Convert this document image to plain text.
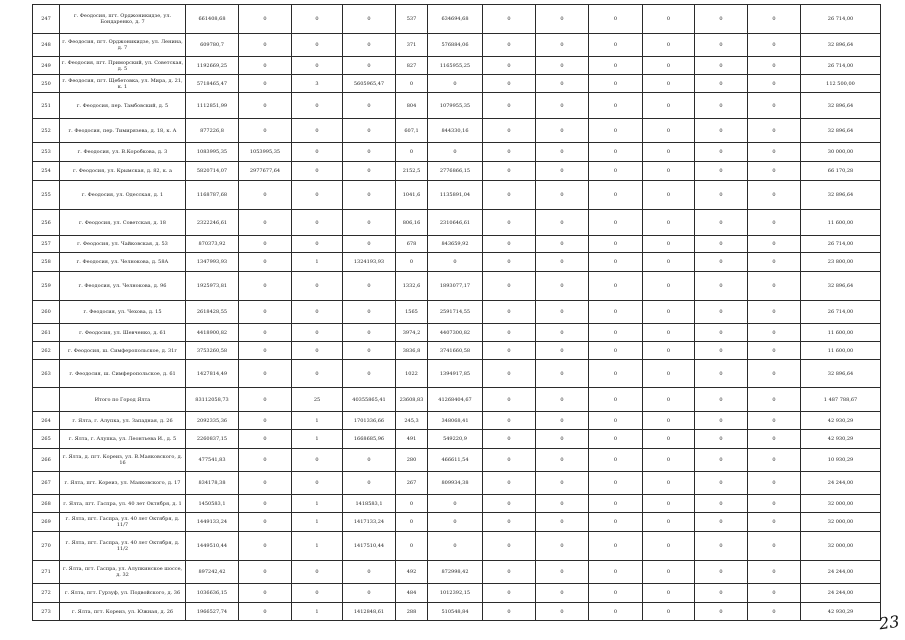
247	г. Феодосия, пгт. Орджоникидзе, ул. Бондаренко, д. 7	661408,68	0	0	0	537	634694,68	0	0	0	0	0	0	26 714,00
248	г. Феодосия, пгт. Орджоникидзе, ул. Ленина, д. 7	609780,7	0	0	0	371	576884,06	0	0	0	0	0	0	32 896,64
249	г. Феодосия, пгт. Приморский, ул. Советская, д. 5	1192669,25	0	0	0	827	1165955,25	0	0	0	0	0	0	26 714,00
250	г. Феодосия, пгт. Щебетовка, ул. Мира, д. 21, к. 1	5718465,47	0	3	5605965,47	0	0	0	0	0	0	0	0	112 500,00
251	г. Феодосия, пер. Тамбовский, д. 5	1112851,99	0	0	0	804	1079955,35	0	0	0	0	0	0	32 896,64
252	г. Феодосия, пер. Тимирязева, д. 18, к. А	877226,8	0	0	0	607,1	844330,16	0	0	0	0	0	0	32 896,64
253	г. Феодосия, ул. В.Коробкова, д. 3	1083995,35	1053995,35	0	0	0	0	0	0	0	0	0	0	30 000,00
254	г. Феодосия, ул. Крымская, д. 82, к. а	5820714,07	2977677,64	0	0	2152,5	2776866,15	0	0	0	0	0	0	66 170,28
255	г. Феодосия, ул. Одесская, д. 1	1168787,68	0	0	0	1041,6	1135891,04	0	0	0	0	0	0	32 896,64
256	г. Феодосия, ул. Советская, д. 18	2322246,61	0	0	0	806,16	2310646,61	0	0	0	0	0	0	11 600,00
257	г. Феодосия, ул. Чайковская, д. 53	870373,92	0	0	0	678	843659,92	0	0	0	0	0	0	26 714,00
258	г. Феодосия, ул. Челнокова, д. 58А	1347993,93	0	1	1324193,93	0	0	0	0	0	0	0	0	23 800,00
259	г. Феодосия, ул. Челнокова, д. 96	1925973,81	0	0	0	1332,6	1893077,17	0	0	0	0	0	0	32 896,64
260	г. Феодосия, ул. Чехова, д. 15	2618428,55	0	0	0	1565	2591714,55	0	0	0	0	0	0	26 714,00
261	г. Феодосия, ул. Шевченко, д. 61	4418900,82	0	0	0	3974,2	4407300,82	0	0	0	0	0	0	11 600,00
262	г. Феодосия, ш. Симферопольское, д. 31г	3753260,58	0	0	0	3836,8	3741660,58	0	0	0	0	0	0	11 600,00
263	г. Феодосия, ш. Симферопольское, д. 61	1427814,49	0	0	0	1022	1394917,85	0	0	0	0	0	0	32 896,64
	Итого по Город Ялта	83112058,73	0	25	40355865,41	23608,83	41268404,67	0	0	0	0	0	0	1 487 788,67
264	г. Ялта, г. Алупка, ул. Западная, д. 26	2092335,36	0	1	1701336,66	245,3	348068,41	0	0	0	0	0	0	42 930,29
265	г. Ялта, г. Алупка, ул. Леонтьева И., д. 5	2260837,15	0	1	1668685,96	491	549220,9	0	0	0	0	0	0	42 930,29
266	г. Ялта, д. пгт. Кореиз, ул. В.Маяковского, д. 16	477541,83	0	0	0	280	466611,54	0	0	0	0	0	0	10 930,29
267	г. Ялта, пгт. Кореиз, ул. Маяковского, д. 17	834178,38	0	0	0	267	809934,38	0	0	0	0	0	0	24 244,00
268	г. Ялта, пгт. Гаспра, ул. 40 лет Октября, д. 1	1450583,1	0	1	1418583,1	0	0	0	0	0	0	0	0	32 000,00
269	г. Ялта, пгт. Гаспра, ул. 40 лет Октября, д. 11/7	1449133,24	0	1	1417133,24	0	0	0	0	0	0	0	0	32 000,00
270	г. Ялта, пгт. Гаспра, ул. 40 лет Октября, д. 11/2	1449510,44	0	1	1417510,44	0	0	0	0	0	0	0	0	32 000,00
271	г. Ялта, пгт. Гаспра, ул. Алупкинское шоссе, д. 32	897242,42	0	0	0	492	872998,42	0	0	0	0	0	0	24 244,00
272	г. Ялта, пгт. Гурзуф, ул. Подвойского, д. 36	1036636,15	0	0	0	484	1012392,15	0	0	0	0	0	0	24 244,00
273	г. Ялта, пгт. Кореиз, ул. Южная, д. 26	1966527,74	0	1	1412848,61	288	510548,84	0	0	0	0	0	0	42 930,29
23
